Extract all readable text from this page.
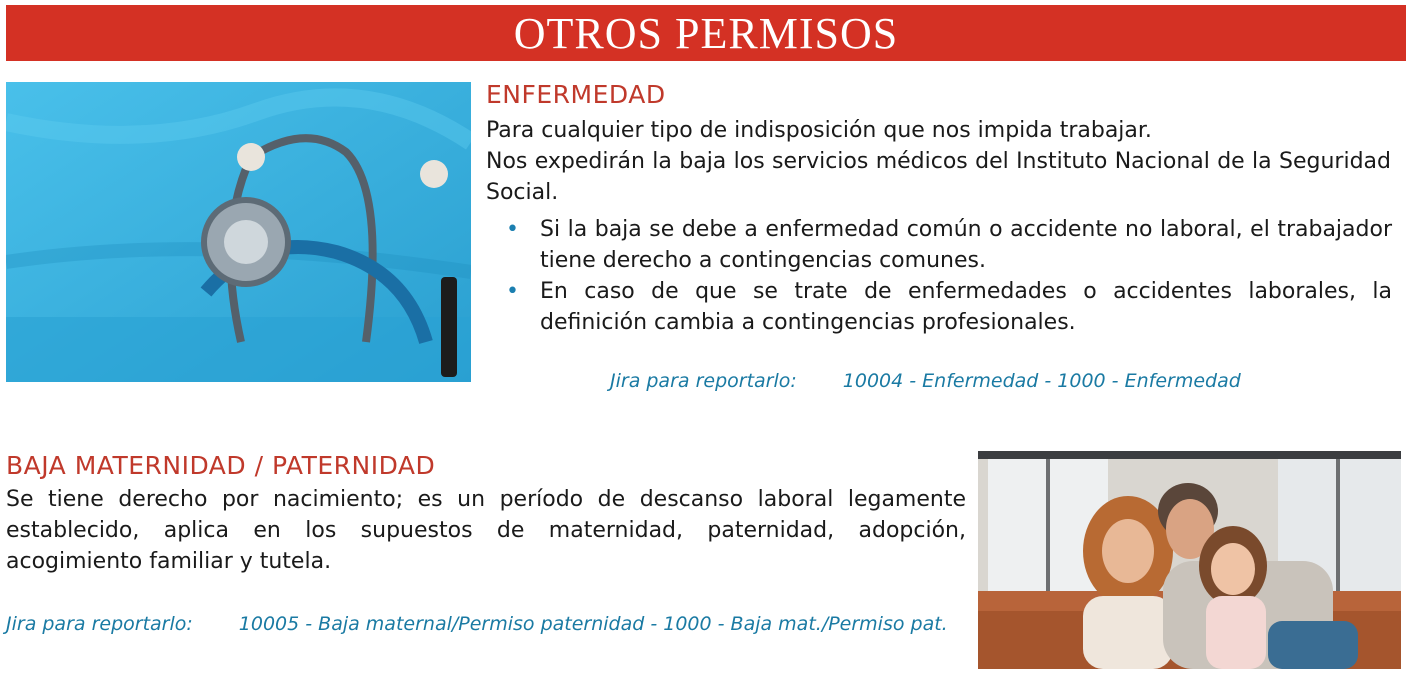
OTROS PERMISOS
ENFERMEDAD
Para cualquier tipo de indisposición que nos impida trabajar.
Nos expedirán la baja los servicios médicos del Instituto Nacional de la Seguridad Social.
• Si la baja se debe a enfermedad común o accidente no laboral, el trabajador tiene derecho a contingencias comunes.
• En caso de que se trate de enfermedades o accidentes laborales, la definición cambia a contingencias profesionales.
Jira para reportarlo: 10004 - Enfermedad - 1000 - Enfermedad
BAJA MATERNIDAD / PATERNIDAD
Se tiene derecho por nacimiento; es un período de descanso laboral legamente establecido, aplica en los supuestos de maternidad, paternidad, adopción, acogimiento familiar y tutela.
Jira para reportarlo: 10005 - Baja maternal/Permiso paternidad - 1000 - Baja mat./Permiso pat.
